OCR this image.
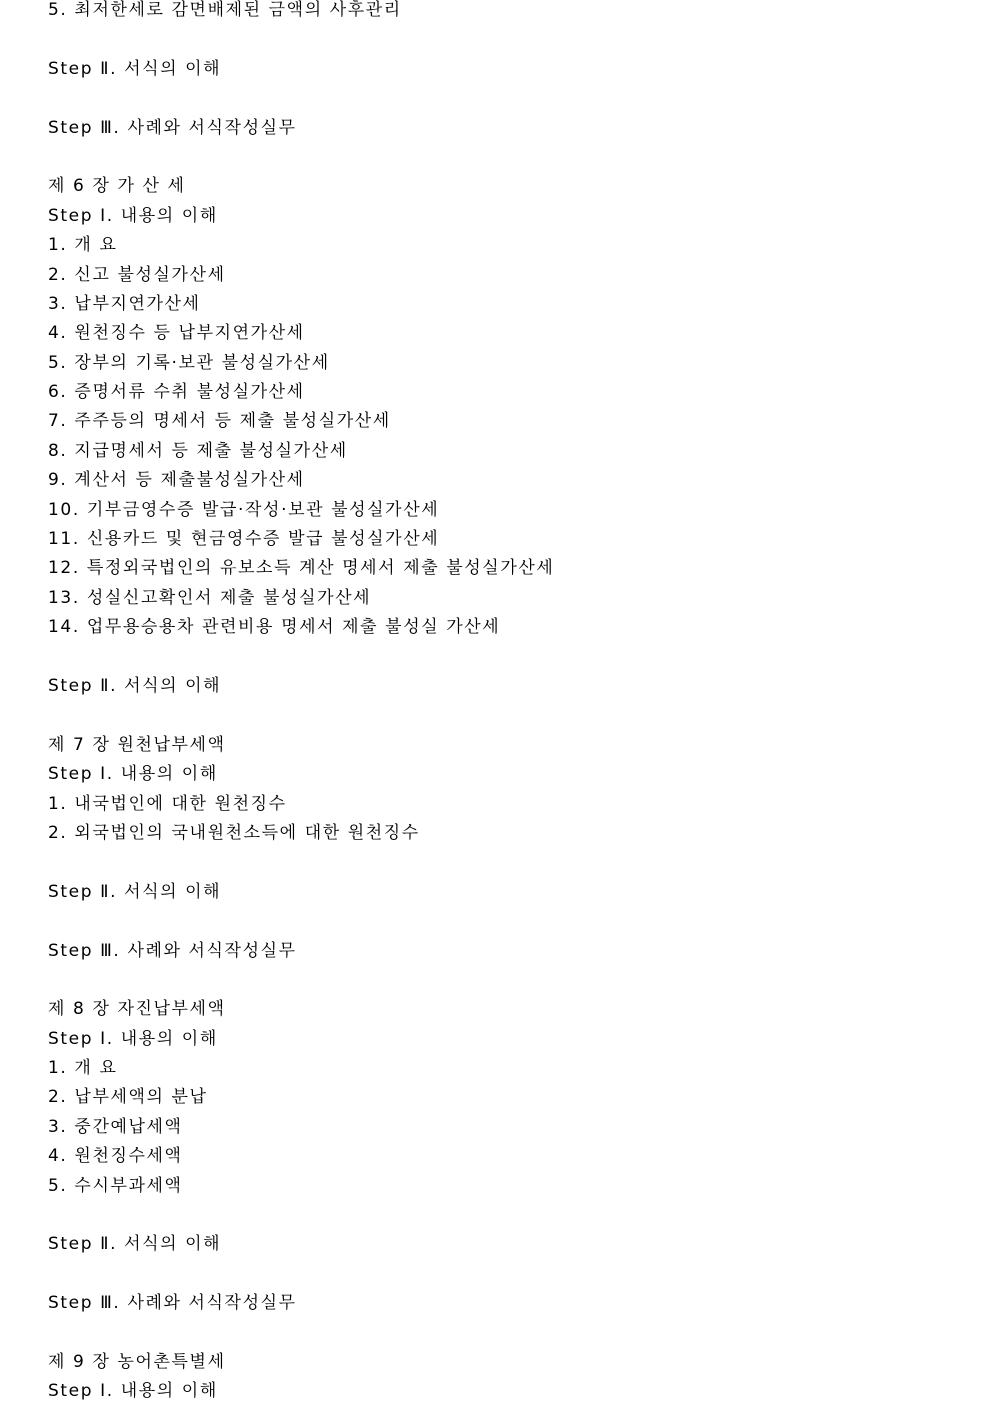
5. 최저한세로 감면배제된 금액의 사후관리
Step Ⅱ. 서식의 이해
Step Ⅲ. 사례와 서식작성실무
제 6 장 가 산 세
Step Ⅰ. 내용의 이해
1. 개 요
2. 신고 불성실가산세
3. 납부지연가산세
4. 원천징수 등 납부지연가산세
5. 장부의 기록·보관 불성실가산세
6. 증명서류 수취 불성실가산세
7. 주주등의 명세서 등 제출 불성실가산세
8. 지급명세서 등 제출 불성실가산세
9. 계산서 등 제출불성실가산세
10. 기부금영수증 발급·작성·보관 불성실가산세
11. 신용카드 및 현금영수증 발급 불성실가산세
12. 특정외국법인의 유보소득 계산 명세서 제출 불성실가산세
13. 성실신고확인서 제출 불성실가산세
14. 업무용승용차 관련비용 명세서 제출 불성실 가산세
Step Ⅱ. 서식의 이해
제 7 장 원천납부세액
Step Ⅰ. 내용의 이해
1. 내국법인에 대한 원천징수
2. 외국법인의 국내원천소득에 대한 원천징수
Step Ⅱ. 서식의 이해
Step Ⅲ. 사례와 서식작성실무
제 8 장 자진납부세액
Step Ⅰ. 내용의 이해
1. 개 요
2. 납부세액의 분납
3. 중간예납세액
4. 원천징수세액
5. 수시부과세액
Step Ⅱ. 서식의 이해
Step Ⅲ. 사례와 서식작성실무
제 9 장 농어촌특별세
Step Ⅰ. 내용의 이해
